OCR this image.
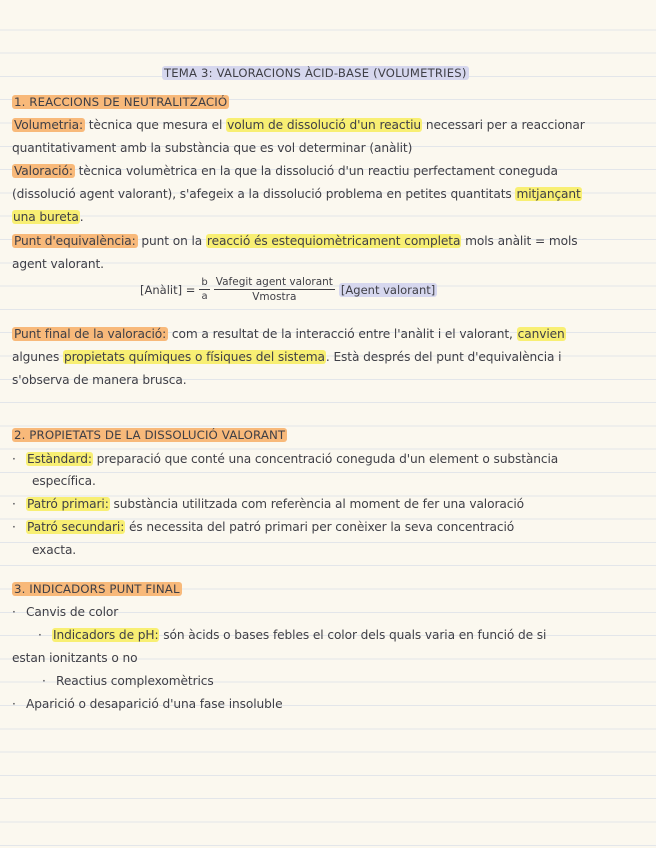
TEMA 3: VALORACIONS ÀCID-BASE (VOLUMETRIES)
1. REACCIONS DE NEUTRALITZACIÓ
Volumetria: tècnica que mesura el volum de dissolució d'un reactiu necessari per a reaccionar
quantitativament amb la substància que es vol determinar (anàlit)
Valoració: tècnica volumètrica en la que la dissolució d'un reactiu perfectament coneguda
(dissolució agent valorant), s'afegeix a la dissolució problema en petites quantitats mitjançant
una bureta.
Punt d'equivalència: punt on la reacció és estequiomètricament completa mols anàlit = mols
agent valorant.
[Anàlit] = $\frac{b}{a} \frac{\text{Vafegit agent valorant}}{\text{Vmostra}}$ [Agent valorant]
Punt final de la valoració: com a resultat de la interacció entre l'anàlit i el valorant, canvien
algunes propietats químiques o físiques del sistema. Està després del punt d'equivalència i
s'observa de manera brusca.
2. PROPIETATS DE LA DISSOLUCIÓ VALORANT
· Estàndard: preparació que conté una concentració coneguda d'un element o substància
específica.
· Patró primari: substància utilitzada com referència al moment de fer una valoració
· Patró secundari: és necessita del patró primari per conèixer la seva concentració
exacta.
3. INDICADORS PUNT FINAL
· Canvis de color
· Indicadors de pH: són àcids o bases febles el color dels quals varia en funció de si
estan ionitzants o no
· Reactius complexomètrics
· Aparició o desaparició d'una fase insoluble
